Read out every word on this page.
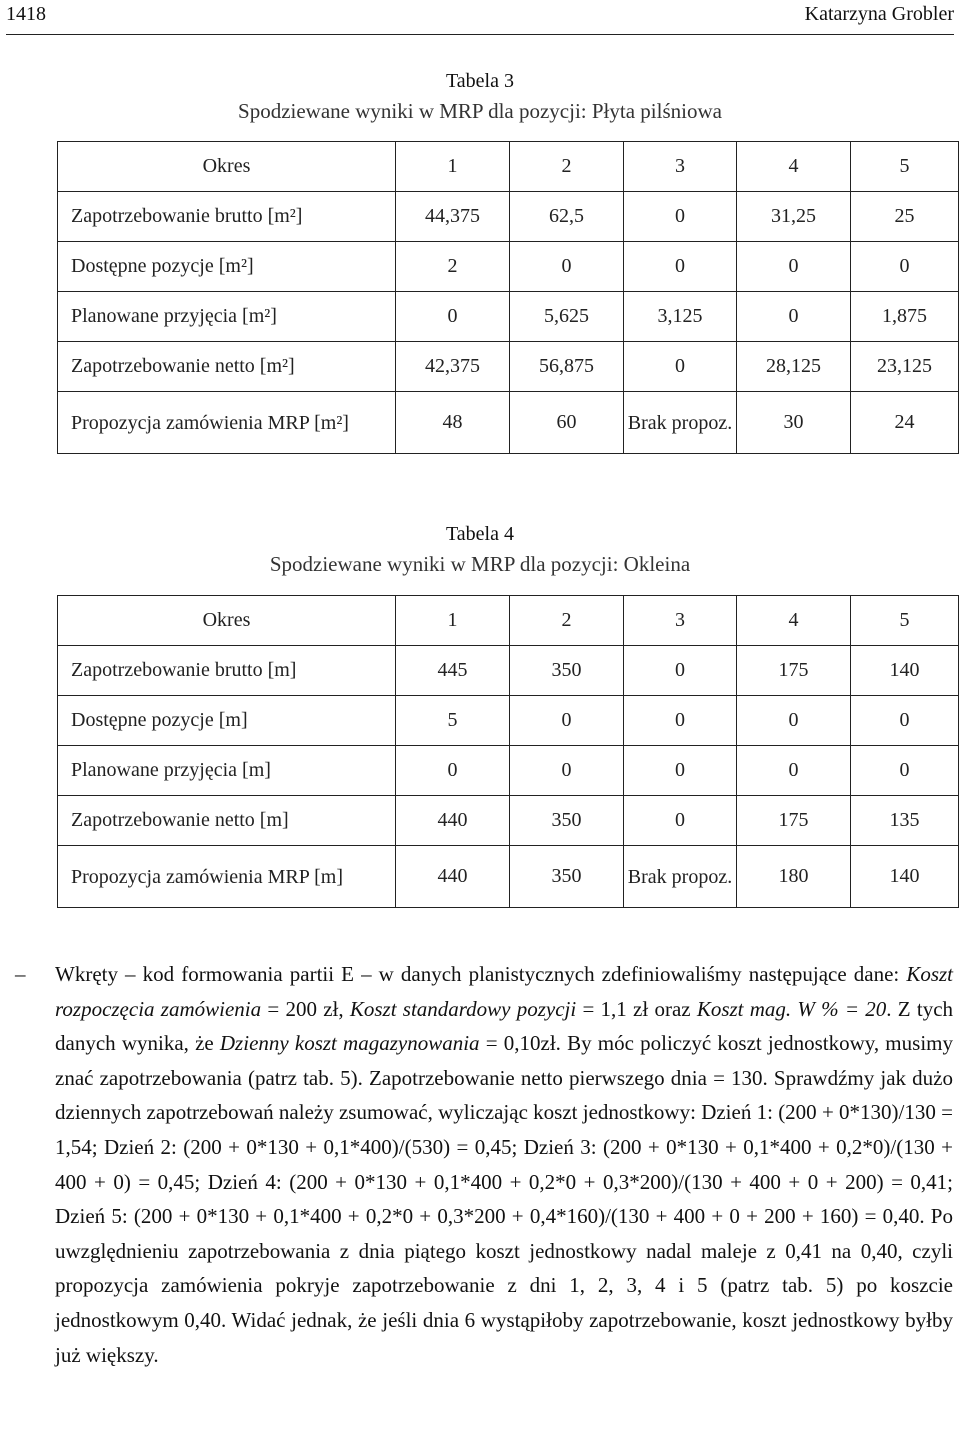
1418	Katarzyna Grobler
Tabela 3
Spodziewane wyniki w MRP dla pozycji: Płyta pilśniowa
Okres	1	2	3	4	5
Zapotrzebowanie brutto [m²]	44,375	62,5	0	31,25	25
Dostępne pozycje [m²]	2	0	0	0	0
Planowane przyjęcia [m²]	0	5,625	3,125	0	1,875
Zapotrzebowanie netto [m²]	42,375	56,875	0	28,125	23,125
Propozycja zamówienia MRP [m²]	48	60	Brak propoz.	30	24
Tabela 4
Spodziewane wyniki w MRP dla pozycji: Okleina
Okres	1	2	3	4	5
Zapotrzebowanie brutto [m]	445	350	0	175	140
Dostępne pozycje [m]	5	0	0	0	0
Planowane przyjęcia [m]	0	0	0	0	0
Zapotrzebowanie netto [m]	440	350	0	175	135
Propozycja zamówienia MRP [m]	440	350	Brak propoz.	180	140
– Wkręty – kod formowania partii E – w danych planistycznych zdefiniowaliśmy następujące dane: Koszt rozpoczęcia zamówienia = 200 zł, Koszt standardowy pozycji = 1,1 zł oraz Koszt mag. W % = 20. Z tych danych wynika, że Dzienny koszt magazynowania = 0,10zł. By móc policzyć koszt jednostkowy, musimy znać zapotrzebowania (patrz tab. 5). Zapotrzebowanie netto pierwszego dnia = 130. Sprawdźmy jak dużo dziennych zapotrzebowań należy zsumować, wyliczając koszt jednostkowy: Dzień 1: (200 + 0*130)/130 = 1,54; Dzień 2: (200 + 0*130 + 0,1*400)/(530) = 0,45; Dzień 3: (200 + 0*130 + 0,1*400 + 0,2*0)/(130 + 400 + 0) = 0,45; Dzień 4: (200 + 0*130 + 0,1*400 + 0,2*0 + 0,3*200)/(130 + 400 + 0 + 200) = 0,41; Dzień 5: (200 + 0*130 + 0,1*400 + 0,2*0 + 0,3*200 + 0,4*160)/(130 + 400 + 0 + 200 + 160) = 0,40. Po uwzględnieniu zapotrzebowania z dnia piątego koszt jednostkowy nadal maleje z 0,41 na 0,40, czyli propozycja zamówienia pokryje zapotrzebowanie z dni 1, 2, 3, 4 i 5 (patrz tab. 5) po koszcie jednostkowym 0,40. Widać jednak, że jeśli dnia 6 wystąpiłoby zapotrzebowanie, koszt jednostkowy byłby już większy.
